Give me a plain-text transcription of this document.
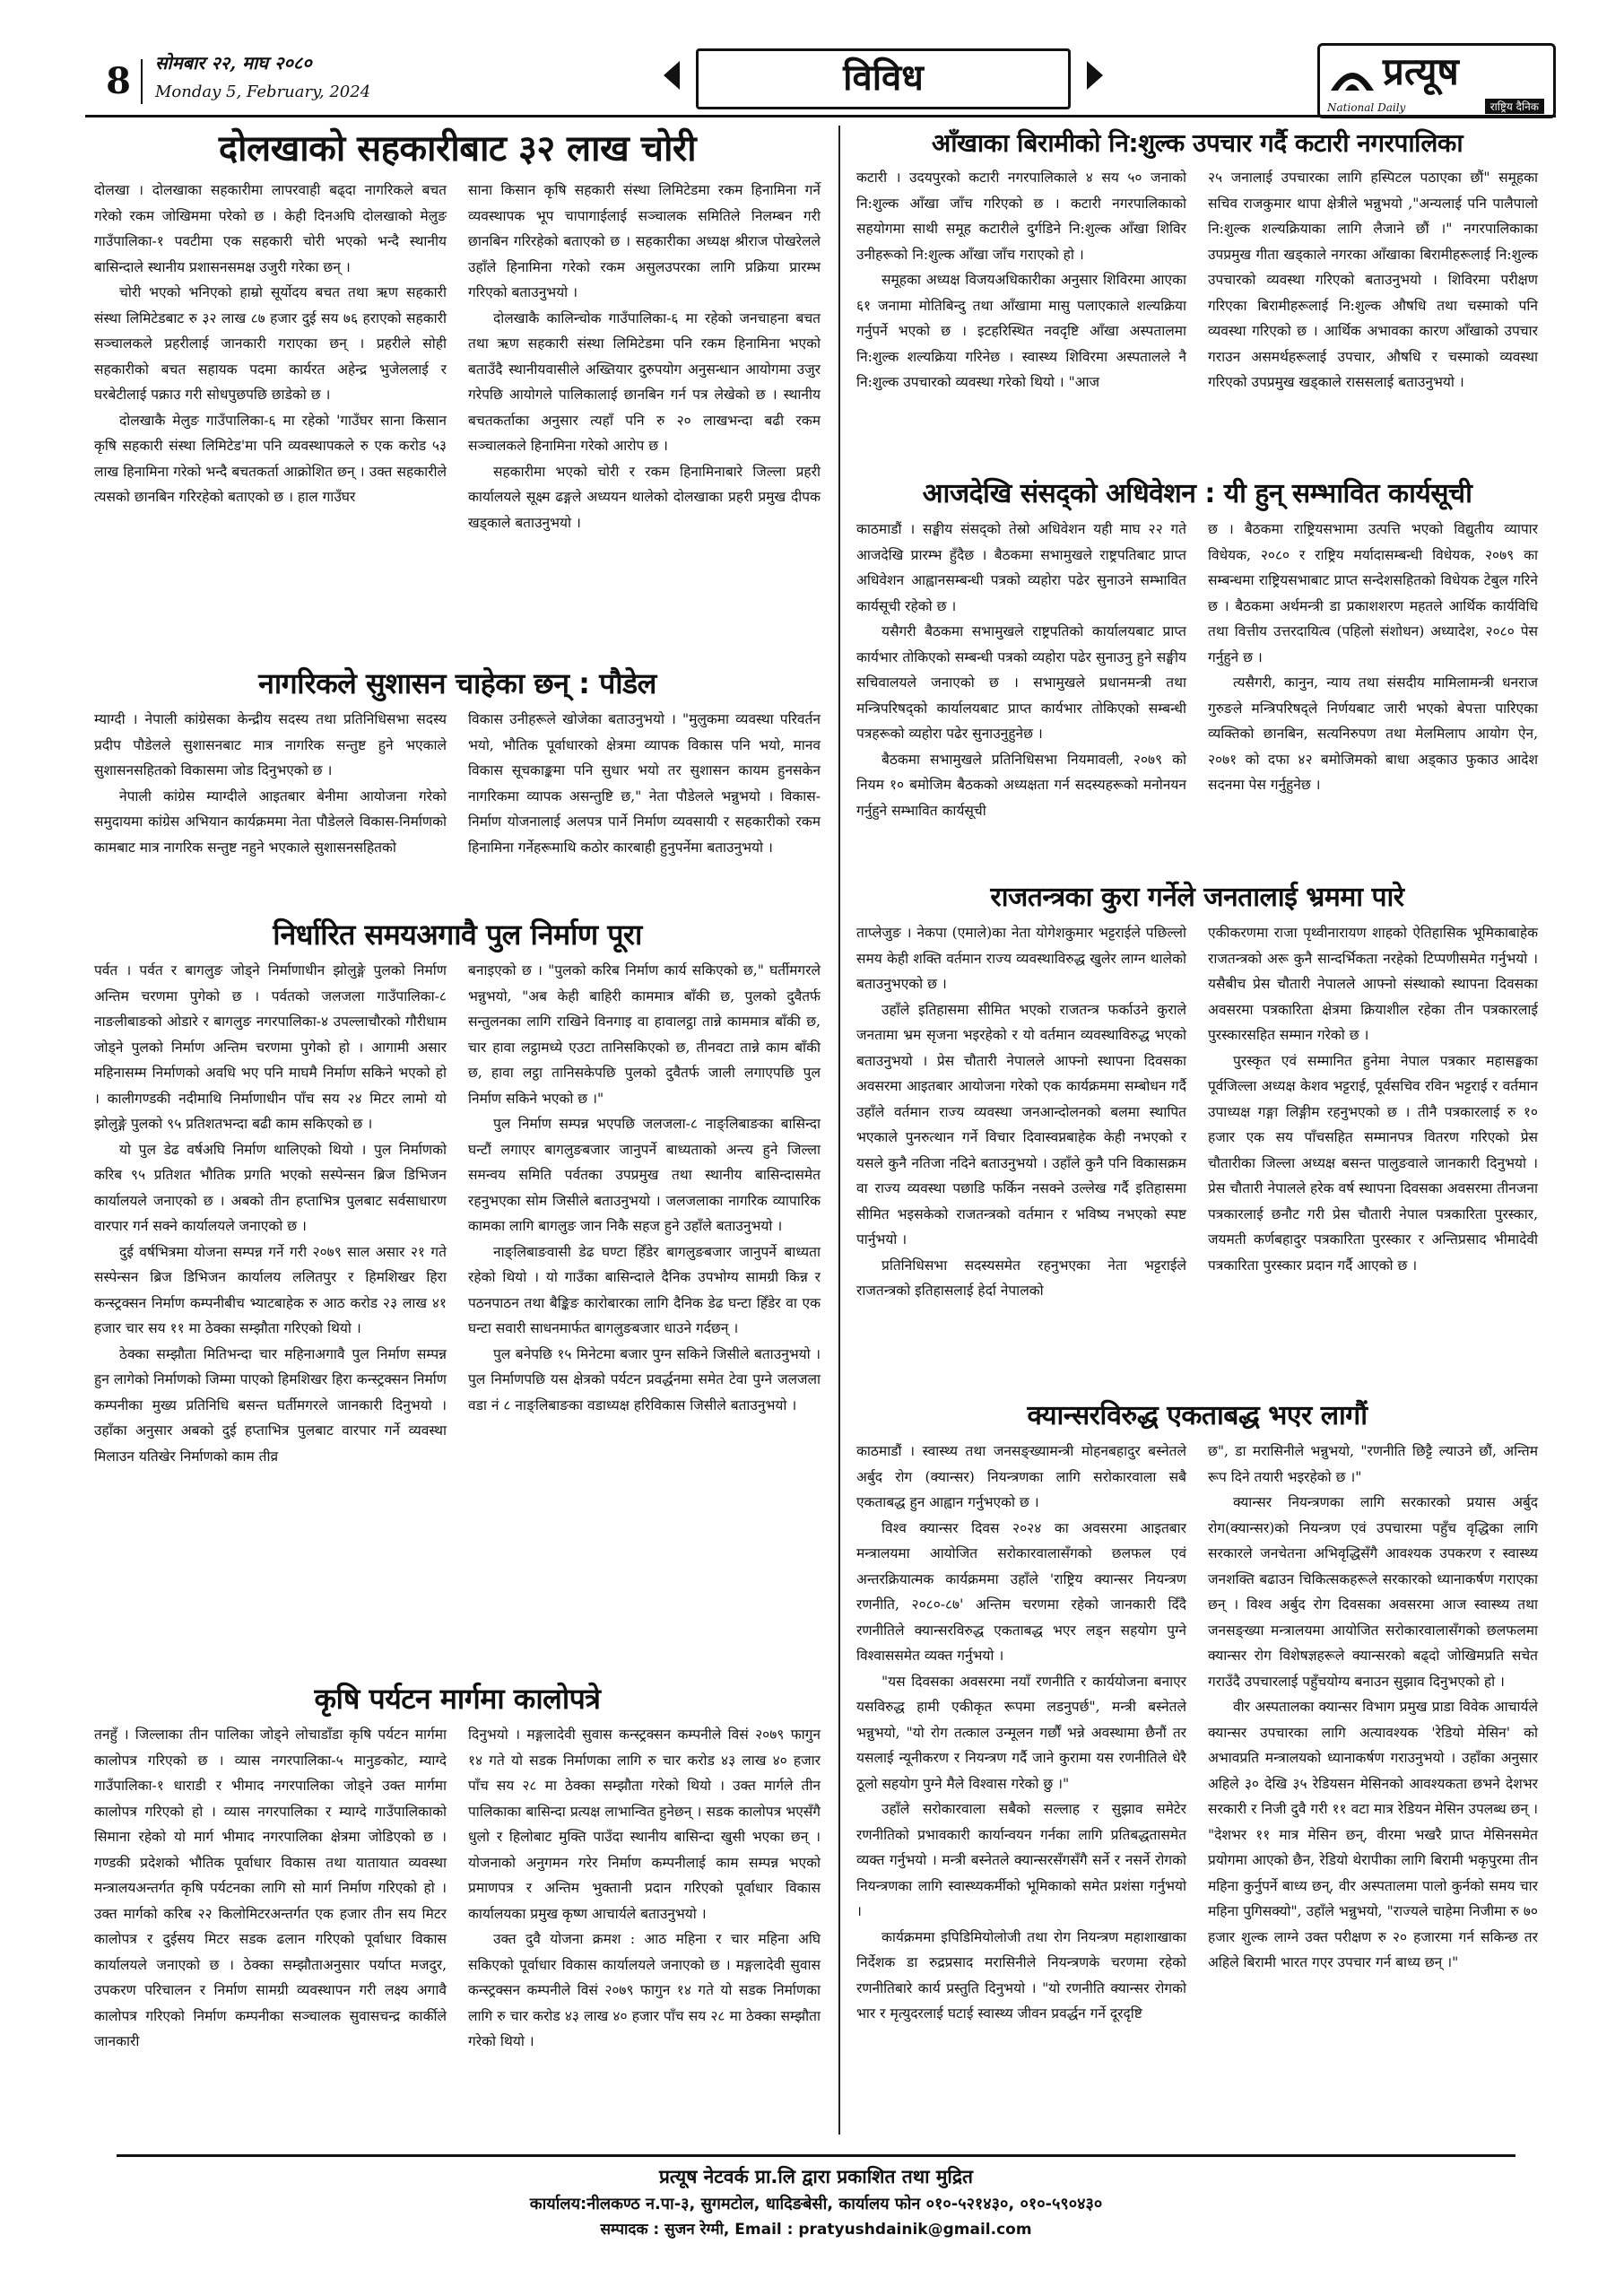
8	सोमबार २२, माघ २०८०
Monday 5, February, 2024	विविध	प्रत्यूष
National Daily	राष्ट्रिय दैनिक
दोलखाको सहकारीबाट ३२ लाख चोरी

दोलखा । दोलखाका सहकारीमा लापरवाही बढ्दा नागरिकले बचत गरेको रकम जोखिममा परेको छ । केही दिनअघि दोलखाको मेलुङ गाउँपालिका-१ पवटीमा एक सहकारी चोरी भएको भन्दै स्थानीय बासिन्दाले स्थानीय प्रशासनसमक्ष उजुरी गरेका छन् ।

चोरी भएको भनिएको हाम्रो सूर्योदय बचत तथा ऋण सहकारी संस्था लिमिटेडबाट रु ३२ लाख ८७ हजार दुई सय ७६ हराएको सहकारी सञ्चालकले प्रहरीलाई जानकारी गराएका छन् । प्रहरीले सोही सहकारीको बचत सहायक पदमा कार्यरत अहेन्द्र भुजेललाई र घरबेटीलाई पक्राउ गरी सोधपुछपछि छाडेको छ ।

दोलखाकै मेलुङ गाउँपालिका-६ मा रहेको 'गाउँघर साना किसान कृषि सहकारी संस्था लिमिटेड'मा पनि व्यवस्थापकले रु एक करोड ५३ लाख हिनामिना गरेको भन्दै बचतकर्ता आक्रोशित छन् । उक्त सहकारीले त्यसको छानबिन गरिरहेको बताएको छ । हाल गाउँघर

साना किसान कृषि सहकारी संस्था लिमिटेडमा रकम हिनामिना गर्ने व्यवस्थापक भूप चापागाईलाई सञ्चालक समितिले निलम्बन गरी छानबिन गरिरहेको बताएको छ । सहकारीका अध्यक्ष श्रीराज पोखरेलले उहाँले हिनामिना गरेको रकम असुलउपरका लागि प्रक्रिया प्रारम्भ गरिएको बताउनुभयो ।

दोलखाकै कालिन्चोक गाउँपालिका-६ मा रहेको जनचाहना बचत तथा ऋण सहकारी संस्था लिमिटेडमा पनि रकम हिनामिना भएको बताउँदै स्थानीयवासीले अख्तियार दुरुपयोग अनुसन्धान आयोगमा उजुर गरेपछि आयोगले पालिकालाई छानबिन गर्न पत्र लेखेको छ । स्थानीय बचतकर्ताका अनुसार त्यहाँ पनि रु २० लाखभन्दा बढी रकम सञ्चालकले हिनामिना गरेको आरोप छ ।

सहकारीमा भएको चोरी र रकम हिनामिनाबारे जिल्ला प्रहरी कार्यालयले सूक्ष्म ढङ्गले अध्ययन थालेको दोलखाका प्रहरी प्रमुख दीपक खड्काले बताउनुभयो ।

नागरिकले सुशासन चाहेका छन् : पौडेल

म्याग्दी । नेपाली कांग्रेसका केन्द्रीय सदस्य तथा प्रतिनिधिसभा सदस्य प्रदीप पौडेलले सुशासनबाट मात्र नागरिक सन्तुष्ट हुने भएकाले सुशासनसहितको विकासमा जोड दिनुभएको छ ।

नेपाली कांग्रेस म्याग्दीले आइतबार बेनीमा आयोजना गरेको समुदायमा कांग्रेस अभियान कार्यक्रममा नेता पौडेलले विकास-निर्माणको कामबाट मात्र नागरिक सन्तुष्ट नहुने भएकाले सुशासनसहितको

विकास उनीहरूले खोजेका बताउनुभयो । "मुलुकमा व्यवस्था परिवर्तन भयो, भौतिक पूर्वाधारको क्षेत्रमा व्यापक विकास पनि भयो, मानव विकास सूचकाङ्कमा पनि सुधार भयो तर सुशासन कायम हुनसकेन नागरिकमा व्यापक असन्तुष्टि छ," नेता पौडेलले भन्नुभयो । विकास-निर्माण योजनालाई अलपत्र पार्ने निर्माण व्यवसायी र सहकारीको रकम हिनामिना गर्नेहरूमाथि कठोर कारबाही हुनुपर्नेमा बताउनुभयो ।

निर्धारित समयअगावै पुल निर्माण पूरा

पर्वत । पर्वत र बागलुङ जोड्ने निर्माणाधीन झोलुङ्गे पुलको निर्माण अन्तिम चरणमा पुगेको छ । पर्वतको जलजला गाउँपालिका-८ नाङलीबाङको ओडारे र बागलुङ नगरपालिका-४ उपल्लाचौरको गौरीधाम जोड्ने पुलको निर्माण अन्तिम चरणमा पुगेको हो । आगामी असार महिनासम्म निर्माणको अवधि भए पनि माघमै निर्माण सकिने भएको हो । कालीगण्डकी नदीमाथि निर्माणाधीन पाँच सय २४ मिटर लामो यो झोलुङ्गे पुलको ९५ प्रतिशतभन्दा बढी काम सकिएको छ ।

यो पुल डेढ वर्षअघि निर्माण थालिएको थियो । पुल निर्माणको करिब ९५ प्रतिशत भौतिक प्रगति भएको सस्पेन्सन ब्रिज डिभिजन कार्यालयले जनाएको छ । अबको तीन हप्ताभित्र पुलबाट सर्वसाधारण वारपार गर्न सक्ने कार्यालयले जनाएको छ ।

दुई वर्षभित्रमा योजना सम्पन्न गर्ने गरी २०७९ साल असार २१ गते सस्पेन्सन ब्रिज डिभिजन कार्यालय ललितपुर र हिमशिखर हिरा कन्स्ट्रक्सन निर्माण कम्पनीबीच भ्याटबाहेक रु आठ करोड २३ लाख ४१ हजार चार सय ११ मा ठेक्का सम्झौता गरिएको थियो ।

ठेक्का सम्झौता मितिभन्दा चार महिनाअगावै पुल निर्माण सम्पन्न हुन लागेको निर्माणको जिम्मा पाएको हिमशिखर हिरा कन्स्ट्रक्सन निर्माण कम्पनीका मुख्य प्रतिनिधि बसन्त घर्तीमगरले जानकारी दिनुभयो । उहाँका अनुसार अबको दुई हप्ताभित्र पुलबाट वारपार गर्ने व्यवस्था मिलाउन यतिखेर निर्माणको काम तीव्र

बनाइएको छ । "पुलको करिब निर्माण कार्य सकिएको छ," घर्तीमगरले भन्नुभयो, "अब केही बाहिरी काममात्र बाँकी छ, पुलको दुवैतर्फ सन्तुलनका लागि राखिने विनगाइ वा हावालट्ठा तान्ने काममात्र बाँकी छ, चार हावा लट्ठामध्ये एउटा तानिसकिएको छ, तीनवटा तान्ने काम बाँकी छ, हावा लट्ठा तानिसकेपछि पुलको दुवैतर्फ जाली लगाएपछि पुल निर्माण सकिने भएको छ ।"

पुल निर्माण सम्पन्न भएपछि जलजला-८ नाङ्लिबाङका बासिन्दा घन्टौं लगाएर बागलुङबजार जानुपर्ने बाध्यताको अन्त्य हुने जिल्ला समन्वय समिति पर्वतका उपप्रमुख तथा स्थानीय बासिन्दासमेत रहनुभएका सोम जिसीले बताउनुभयो । जलजलाका नागरिक व्यापारिक कामका लागि बागलुङ जान निकै सहज हुने उहाँले बताउनुभयो ।

नाङ्लिबाङवासी डेढ घण्टा हिँडेर बागलुङबजार जानुपर्ने बाध्यता रहेको थियो । यो गाउँका बासिन्दाले दैनिक उपभोग्य सामग्री किन्न र पठनपाठन तथा बैङ्किङ कारोबारका लागि दैनिक डेढ घन्टा हिँडेर वा एक घन्टा सवारी साधनमार्फत बागलुङबजार धाउने गर्दछन् ।

पुल बनेपछि १५ मिनेटमा बजार पुग्न सकिने जिसीले बताउनुभयो । पुल निर्माणपछि यस क्षेत्रको पर्यटन प्रवर्द्धनमा समेत टेवा पुग्ने जलजला वडा नं ८ नाङ्लिबाङका वडाध्यक्ष हरिविकास जिसीले बताउनुभयो ।

कृषि पर्यटन मार्गमा कालोपत्रे

तनहुँ । जिल्लाका तीन पालिका जोड्ने लोचाडाँडा कृषि पर्यटन मार्गमा कालोपत्र गरिएको छ । व्यास नगरपालिका-५ मानुङकोट, म्याग्दे गाउँपालिका-१ धाराडी र भीमाद नगरपालिका जोड्ने उक्त मार्गमा कालोपत्र गरिएको हो । व्यास नगरपालिका र म्याग्दे गाउँपालिकाको सिमाना रहेको यो मार्ग भीमाद नगरपालिका क्षेत्रमा जोडिएको छ । गण्डकी प्रदेशको भौतिक पूर्वाधार विकास तथा यातायात व्यवस्था मन्त्रालयअन्तर्गत कृषि पर्यटनका लागि सो मार्ग निर्माण गरिएको हो । उक्त मार्गको करिब २२ किलोमिटरअन्तर्गत एक हजार तीन सय मिटर कालोपत्र र दुईसय मिटर सडक ढलान गरिएको पूर्वाधार विकास कार्यालयले जनाएको छ । ठेक्का सम्झौताअनुसार पर्याप्त मजदुर, उपकरण परिचालन र निर्माण सामग्री व्यवस्थापन गरी लक्ष्य अगावै कालोपत्र गरिएको निर्माण कम्पनीका सञ्चालक सुवासचन्द्र कार्कीले जानकारी

दिनुभयो । मङ्गलादेवी सुवास कन्स्ट्रक्सन कम्पनीले विसं २०७९ फागुन १४ गते यो सडक निर्माणका लागि रु चार करोड ४३ लाख ४० हजार पाँच सय २८ मा ठेक्का सम्झौता गरेको थियो । उक्त मार्गले तीन पालिकाका बासिन्दा प्रत्यक्ष लाभान्वित हुनेछन् । सडक कालोपत्र भएसँगै धुलो र हिलोबाट मुक्ति पाउँदा स्थानीय बासिन्दा खुसी भएका छन् । योजनाको अनुगमन गरेर निर्माण कम्पनीलाई काम सम्पन्न भएको प्रमाणपत्र र अन्तिम भुक्तानी प्रदान गरिएको पूर्वाधार विकास कार्यालयका प्रमुख कृष्ण आचार्यले बताउनुभयो ।

उक्त दुवै योजना क्रमश : आठ महिना र चार महिना अघि सकिएको पूर्वाधार विकास कार्यालयले जनाएको छ । मङ्गलादेवी सुवास कन्स्ट्रक्सन कम्पनीले विसं २०७९ फागुन १४ गते यो सडक निर्माणका लागि रु चार करोड ४३ लाख ४० हजार पाँच सय २८ मा ठेक्का सम्झौता गरेको थियो ।

आँखाका बिरामीको नि:शुल्क उपचार गर्दै कटारी नगरपालिका

कटारी । उदयपुरको कटारी नगरपालिकाले ४ सय ५० जनाको नि:शुल्क आँखा जाँच गरिएको छ । कटारी नगरपालिकाको सहयोगमा साथी समूह कटारीले दुर्गडिने नि:शुल्क आँखा शिविर उनीहरूको नि:शुल्क आँखा जाँच गराएको हो ।

समूहका अध्यक्ष विजयअधिकारीका अनुसार शिविरमा आएका ६१ जनामा मोतिबिन्दु तथा आँखामा मासु पलाएकाले शल्यक्रिया गर्नुपर्ने भएको छ । इटहरिस्थित नवदृष्टि आँखा अस्पतालमा नि:शुल्क शल्यक्रिया गरिनेछ । स्वास्थ्य शिविरमा अस्पतालले नै नि:शुल्क उपचारको व्यवस्था गरेको थियो । "आज

२५ जनालाई उपचारका लागि हस्पिटल पठाएका छौं" समूहका सचिव राजकुमार थापा क्षेत्रीले भन्नुभयो ,"अन्यलाई पनि पालैपालो नि:शुल्क शल्यक्रियाका लागि लैजाने छौं ।" नगरपालिकाका उपप्रमुख गीता खड्काले नगरका आँखाका बिरामीहरूलाई नि:शुल्क उपचारको व्यवस्था गरिएको बताउनुभयो । शिविरमा परीक्षण गरिएका बिरामीहरूलाई नि:शुल्क औषधि तथा चस्माको पनि व्यवस्था गरिएको छ । आर्थिक अभावका कारण आँखाको उपचार गराउन असमर्थहरूलाई उपचार, औषधि र चस्माको व्यवस्था गरिएको उपप्रमुख खड्काले राससलाई बताउनुभयो ।

आजदेखि संसद्को अधिवेशन : यी हुन् सम्भावित कार्यसूची

काठमाडौं । सङ्घीय संसद्को तेस्रो अधिवेशन यही माघ २२ गते आजदेखि प्रारम्भ हुँदैछ । बैठकमा सभामुखले राष्ट्रपतिबाट प्राप्त अधिवेशन आह्वानसम्बन्धी पत्रको व्यहोरा पढेर सुनाउने सम्भावित कार्यसूची रहेको छ ।

यसैगरी बैठकमा सभामुखले राष्ट्रपतिको कार्यालयबाट प्राप्त कार्यभार तोकिएको सम्बन्धी पत्रको व्यहोरा पढेर सुनाउनु हुने सङ्घीय सचिवालयले जनाएको छ । सभामुखले प्रधानमन्त्री तथा मन्त्रिपरिषद्को कार्यालयबाट प्राप्त कार्यभार तोकिएको सम्बन्धी पत्रहरूको व्यहोरा पढेर सुनाउनुहुनेछ ।

बैठकमा सभामुखले प्रतिनिधिसभा नियमावली, २०७९ को नियम १० बमोजिम बैठकको अध्यक्षता गर्न सदस्यहरूको मनोनयन गर्नुहुने सम्भावित कार्यसूची

छ । बैठकमा राष्ट्रियसभामा उत्पत्ति भएको विद्युतीय व्यापार विधेयक, २०८० र राष्ट्रिय मर्यादासम्बन्धी विधेयक, २०७९ का सम्बन्धमा राष्ट्रियसभाबाट प्राप्त सन्देशसहितको विधेयक टेबुल गरिने छ । बैठकमा अर्थमन्त्री डा प्रकाशशरण महतले आर्थिक कार्यविधि तथा वित्तीय उत्तरदायित्व (पहिलो संशोधन) अध्यादेश, २०८० पेस गर्नुहुने छ ।

त्यसैगरी, कानुन, न्याय तथा संसदीय मामिलामन्त्री धनराज गुरुङले मन्त्रिपरिषद्ले निर्णयबाट जारी भएको बेपत्ता पारिएका व्यक्तिको छानबिन, सत्यनिरुपण तथा मेलमिलाप आयोग ऐन, २०७१ को दफा ४२ बमोजिमको बाधा अड्काउ फुकाउ आदेश सदनमा पेस गर्नुहुनेछ ।

राजतन्त्रका कुरा गर्नेले जनतालाई भ्रममा पारे

ताप्लेजुङ । नेकपा (एमाले)का नेता योगेशकुमार भट्टराईले पछिल्लो समय केही शक्ति वर्तमान राज्य व्यवस्थाविरुद्ध खुलेर लाग्न थालेको बताउनुभएको छ ।

उहाँले इतिहासमा सीमित भएको राजतन्त्र फर्काउने कुराले जनतामा भ्रम सृजना भइरहेको र यो वर्तमान व्यवस्थाविरुद्ध भएको बताउनुभयो । प्रेस चौतारी नेपालले आफ्नो स्थापना दिवसका अवसरमा आइतबार आयोजना गरेको एक कार्यक्रममा सम्बोधन गर्दै उहाँले वर्तमान राज्य व्यवस्था जनआन्दोलनको बलमा स्थापित भएकाले पुनरुत्थान गर्ने विचार दिवास्वप्नबाहेक केही नभएको र यसले कुनै नतिजा नदिने बताउनुभयो । उहाँले कुनै पनि विकासक्रम वा राज्य व्यवस्था पछाडि फर्किन नसक्ने उल्लेख गर्दै इतिहासमा सीमित भइसकेको राजतन्त्रको वर्तमान र भविष्य नभएको स्पष्ट पार्नुभयो ।

प्रतिनिधिसभा सदस्यसमेत रहनुभएका नेता भट्टराईले राजतन्त्रको इतिहासलाई हेर्दा नेपालको

एकीकरणमा राजा पृथ्वीनारायण शाहको ऐतिहासिक भूमिकाबाहेक राजतन्त्रको अरू कुनै सान्दर्भिकता नरहेको टिप्पणीसमेत गर्नुभयो । यसैबीच प्रेस चौतारी नेपालले आफ्नो संस्थाको स्थापना दिवसका अवसरमा पत्रकारिता क्षेत्रमा क्रियाशील रहेका तीन पत्रकारलाई पुरस्कारसहित सम्मान गरेको छ ।

पुरस्कृत एवं सम्मानित हुनेमा नेपाल पत्रकार महासङ्घका पूर्वजिल्ला अध्यक्ष केशव भट्टराई, पूर्वसचिव रविन भट्टराई र वर्तमान उपाध्यक्ष गङ्गा लिङ्गीम रहनुभएको छ । तीनै पत्रकारलाई रु १० हजार एक सय पाँचसहित सम्मानपत्र वितरण गरिएको प्रेस चौतारीका जिल्ला अध्यक्ष बसन्त पालुङवाले जानकारी दिनुभयो । प्रेस चौतारी नेपालले हरेक वर्ष स्थापना दिवसका अवसरमा तीनजना पत्रकारलाई छनौट गरी प्रेस चौतारी नेपाल पत्रकारिता पुरस्कार, जयमती कर्णबहादुर पत्रकारिता पुरस्कार र अन्तिप्रसाद भीमादेवी पत्रकारिता पुरस्कार प्रदान गर्दै आएको छ ।

क्यान्सरविरुद्ध एकताबद्ध भएर लागौं

काठमाडौं । स्वास्थ्य तथा जनसङ्ख्यामन्त्री मोहनबहादुर बस्नेतले अर्बुद रोग (क्यान्सर) नियन्त्रणका लागि सरोकारवाला सबै एकताबद्ध हुन आह्वान गर्नुभएको छ ।

विश्व क्यान्सर दिवस २०२४ का अवसरमा आइतबार मन्त्रालयमा आयोजित सरोकारवालासँगको छलफल एवं अन्तरक्रियात्मक कार्यक्रममा उहाँले 'राष्ट्रिय क्यान्सर नियन्त्रण रणनीति, २०८०-८७' अन्तिम चरणमा रहेको जानकारी दिँदै रणनीतिले क्यान्सरविरुद्ध एकताबद्ध भएर लड्न सहयोग पुग्ने विश्वाससमेत व्यक्त गर्नुभयो ।

"यस दिवसका अवसरमा नयाँ रणनीति र कार्ययोजना बनाएर यसविरुद्ध हामी एकीकृत रूपमा लडनुपर्छ", मन्त्री बस्नेतले भन्नुभयो, "यो रोग तत्काल उन्मूलन गर्छौं भन्ने अवस्थामा छैनौं तर यसलाई न्यूनीकरण र नियन्त्रण गर्दै जाने कुरामा यस रणनीतिले धेरै ठूलो सहयोग पुग्ने मैले विश्वास गरेको छु ।"

उहाँले सरोकारवाला सबैको सल्लाह र सुझाव समेटेर रणनीतिको प्रभावकारी कार्यान्वयन गर्नका लागि प्रतिबद्धतासमेत व्यक्त गर्नुभयो । मन्त्री बस्नेतले क्यान्सरसँगसँगै सर्ने र नसर्ने रोगको नियन्त्रणका लागि स्वास्थ्यकर्मीको भूमिकाको समेत प्रशंसा गर्नुभयो ।

कार्यक्रममा इपिडिमियोलोजी तथा रोग नियन्त्रण महाशाखाका निर्देशक डा रुद्रप्रसाद मरासिनीले नियन्त्रणके चरणमा रहेको रणनीतिबारे कार्य प्रस्तुति दिनुभयो । "यो रणनीति क्यान्सर रोगको भार र मृत्युदरलाई घटाई स्वास्थ्य जीवन प्रवर्द्धन गर्ने दूरदृष्टि

छ", डा मरासिनीले भन्नुभयो, "रणनीति छिट्टै ल्याउने छौं, अन्तिम रूप दिने तयारी भइरहेको छ ।"

क्यान्सर नियन्त्रणका लागि सरकारको प्रयास अर्बुद रोग(क्यान्सर)को नियन्त्रण एवं उपचारमा पहुँच वृद्धिका लागि सरकारले जनचेतना अभिवृद्धिसँगै आवश्यक उपकरण र स्वास्थ्य जनशक्ति बढाउन चिकित्सकहरूले सरकारको ध्यानाकर्षण गराएका छन् । विश्व अर्बुद रोग दिवसका अवसरमा आज स्वास्थ्य तथा जनसङ्ख्या मन्त्रालयमा आयोजित सरोकारवालासँगको छलफलमा क्यान्सर रोग विशेषज्ञहरूले क्यान्सरको बढ्दो जोखिमप्रति सचेत गराउँदै उपचारलाई पहुँचयोग्य बनाउन सुझाव दिनुभएको हो ।

वीर अस्पतालका क्यान्सर विभाग प्रमुख प्राडा विवेक आचार्यले क्यान्सर उपचारका लागि अत्यावश्यक 'रेडियो मेसिन' को अभावप्रति मन्त्रालयको ध्यानाकर्षण गराउनुभयो । उहाँका अनुसार अहिले ३० देखि ३५ रेडियसन मेसिनको आवश्यकता छभने देशभर सरकारी र निजी दुवै गरी ११ वटा मात्र रेडियन मेसिन उपलब्ध छन् । "देशभर ११ मात्र मेसिन छन्, वीरमा भखरै प्राप्त मेसिनसमेत प्रयोगमा आएको छैन, रेडियो थेरापीका लागि बिरामी भकृपुरमा तीन महिना कुर्नुपर्ने बाध्य छन्, वीर अस्पतालमा पालो कुर्नको समय चार महिना पुगिसक्यो", उहाँले भन्नुभयो, "राज्यले चाहेमा निजीमा रु ७० हजार शुल्क लाग्ने उक्त परीक्षण रु २० हजारमा गर्न सकिन्छ तर अहिले बिरामी भारत गएर उपचार गर्न बाध्य छन् ।"

प्रत्यूष नेटवर्क प्रा.लि द्वारा प्रकाशित तथा मुद्रित
कार्यालय:नीलकण्ठ न.पा-३, सुगमटोल, धादिङबेसी, कार्यालय फोन ०१०-५२१४३०, ०१०-५९०४३०
सम्पादक : सुजन रेग्मी, Email : pratyushdainik@gmail.com
